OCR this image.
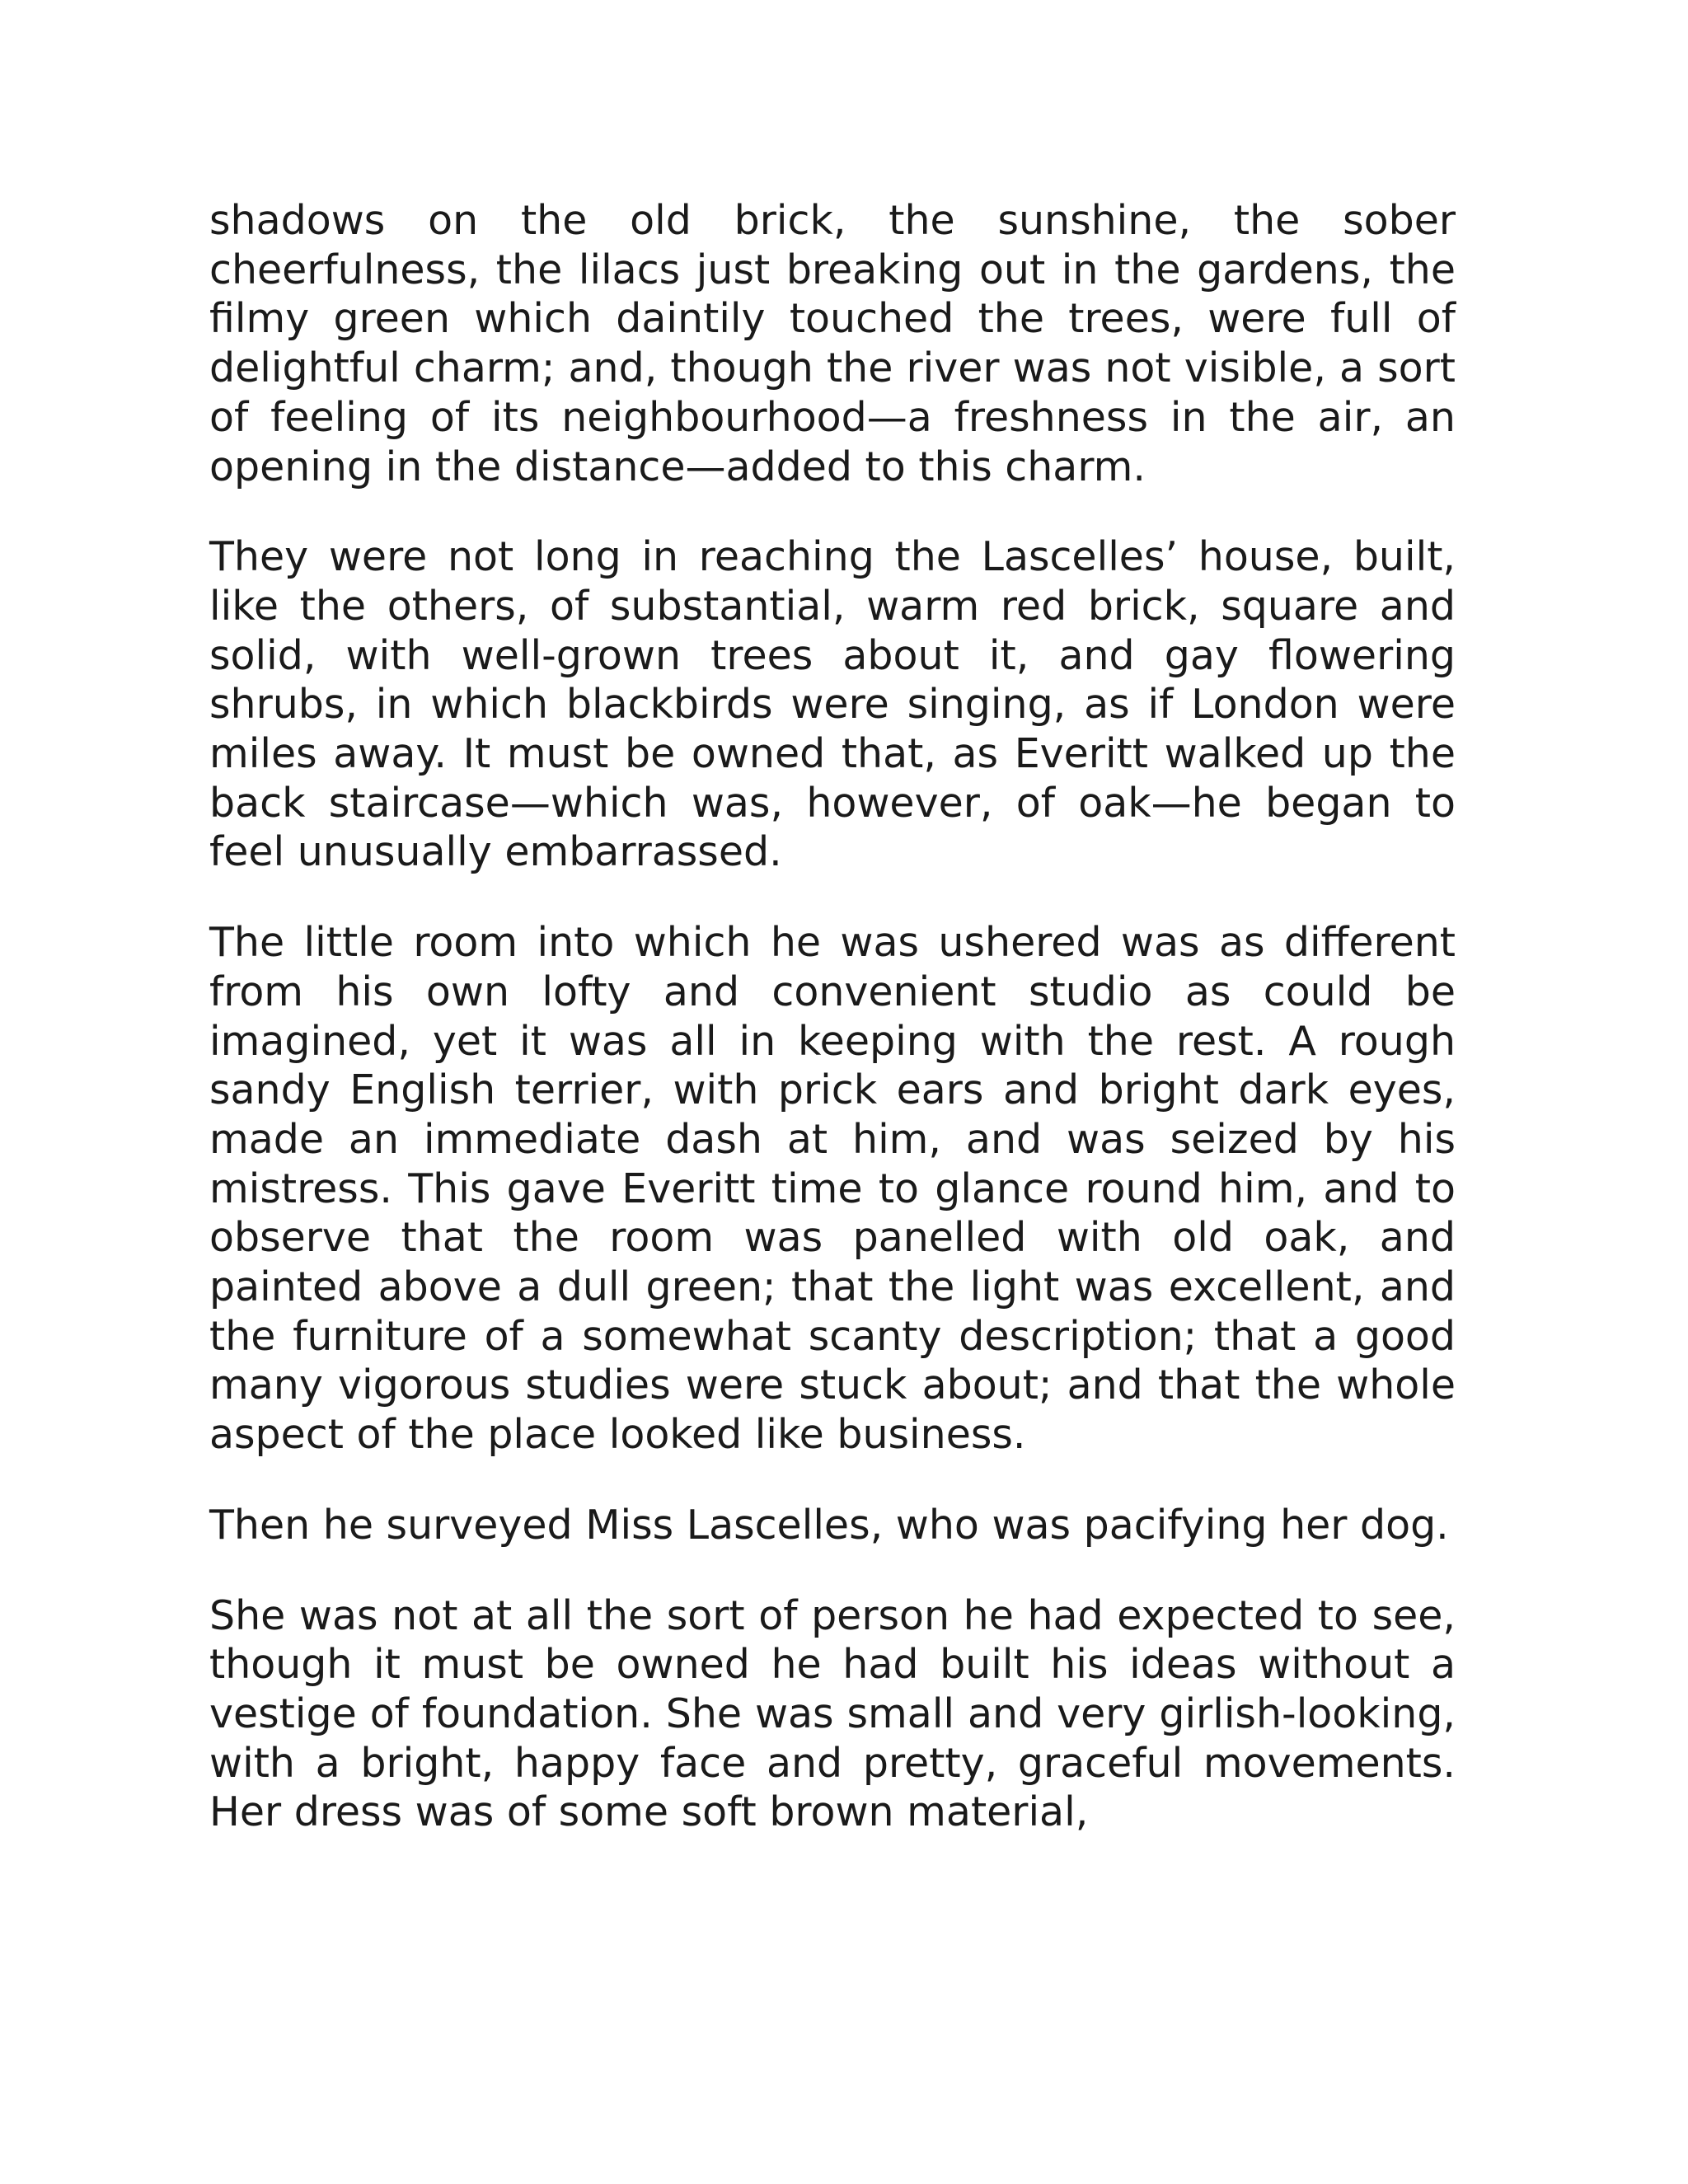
shadows on the old brick, the sunshine, the sober cheerfulness, the lilacs just breaking out in the gardens, the filmy green which daintily touched the trees, were full of delightful charm; and, though the river was not visible, a sort of feeling of its neighbourhood—a freshness in the air, an opening in the distance—added to this charm.

They were not long in reaching the Lascelles’ house, built, like the others, of substantial, warm red brick, square and solid, with well-grown trees about it, and gay flowering shrubs, in which blackbirds were singing, as if London were miles away. It must be owned that, as Everitt walked up the back staircase—which was, however, of oak—he began to feel unusually embarrassed.

The little room into which he was ushered was as different from his own lofty and convenient studio as could be imagined, yet it was all in keeping with the rest. A rough sandy English terrier, with prick ears and bright dark eyes, made an immediate dash at him, and was seized by his mistress. This gave Everitt time to glance round him, and to observe that the room was panelled with old oak, and painted above a dull green; that the light was excellent, and the furniture of a somewhat scanty description; that a good many vigorous studies were stuck about; and that the whole aspect of the place looked like business.

Then he surveyed Miss Lascelles, who was pacifying her dog.

She was not at all the sort of person he had expected to see, though it must be owned he had built his ideas without a vestige of foundation. She was small and very girlish-looking, with a bright, happy face and pretty, graceful movements. Her dress was of some soft brown material,
